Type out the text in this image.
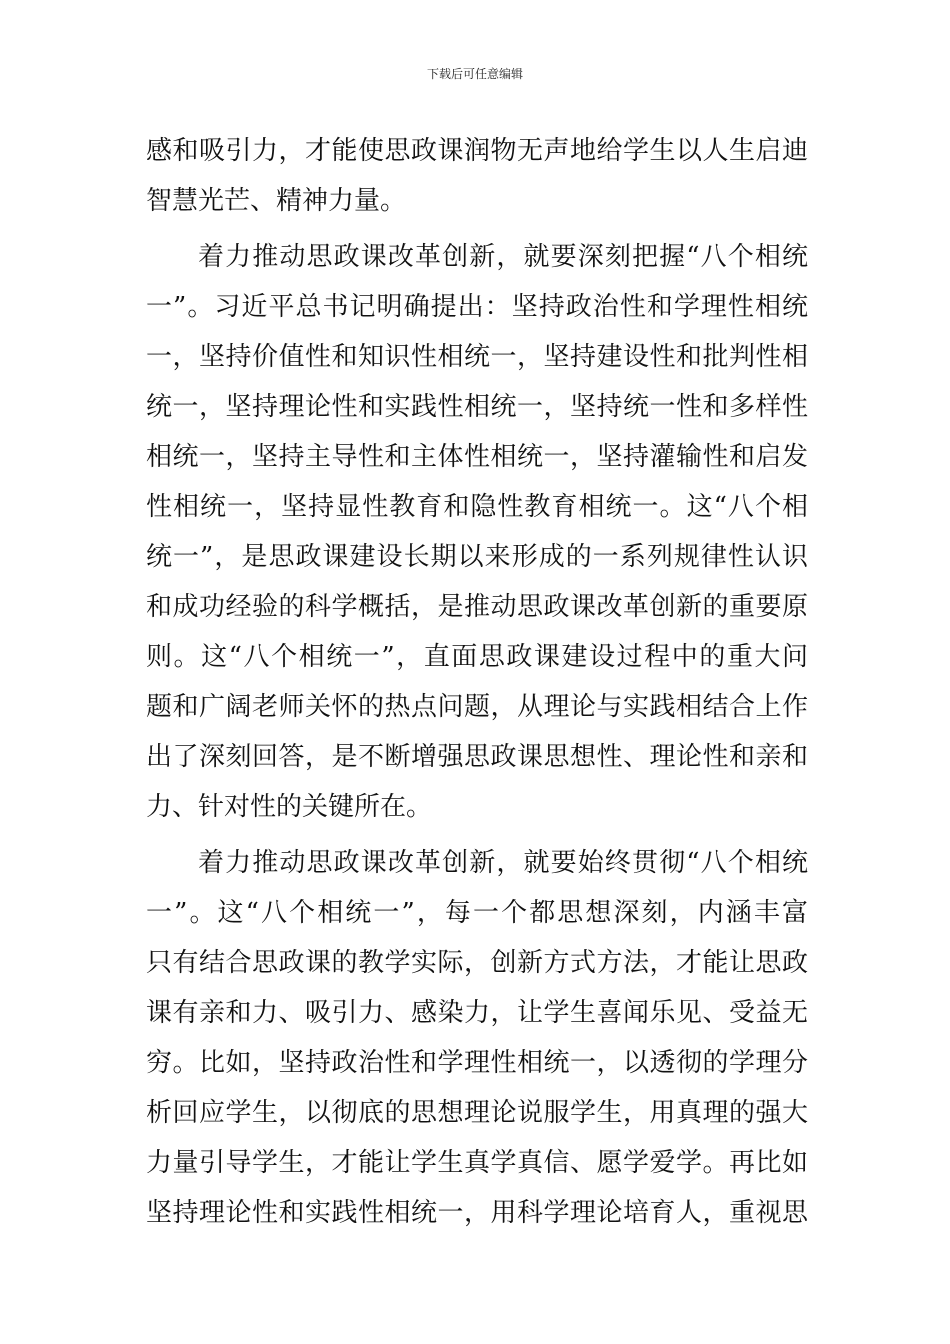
下载后可任意编辑
感和吸引力，才能使思政课润物无声地给学生以人生启迪
智慧光芒、精神力量。
着力推动思政课改革创新，就要深刻把握“八个相统
一”。习近平总书记明确提出：坚持政治性和学理性相统
一，坚持价值性和知识性相统一，坚持建设性和批判性相
统一，坚持理论性和实践性相统一，坚持统一性和多样性
相统一，坚持主导性和主体性相统一，坚持灌输性和启发
性相统一，坚持显性教育和隐性教育相统一。这“八个相
统一”，是思政课建设长期以来形成的一系列规律性认识
和成功经验的科学概括，是推动思政课改革创新的重要原
则。这“八个相统一”，直面思政课建设过程中的重大问
题和广阔老师关怀的热点问题，从理论与实践相结合上作
出了深刻回答，是不断增强思政课思想性、理论性和亲和
力、针对性的关键所在。
着力推动思政课改革创新，就要始终贯彻“八个相统
一”。这“八个相统一”，每一个都思想深刻，内涵丰富
只有结合思政课的教学实际，创新方式方法，才能让思政
课有亲和力、吸引力、感染力，让学生喜闻乐见、受益无
穷。比如，坚持政治性和学理性相统一，以透彻的学理分
析回应学生，以彻底的思想理论说服学生，用真理的强大
力量引导学生，才能让学生真学真信、愿学爱学。再比如
坚持理论性和实践性相统一，用科学理论培育人，重视思
